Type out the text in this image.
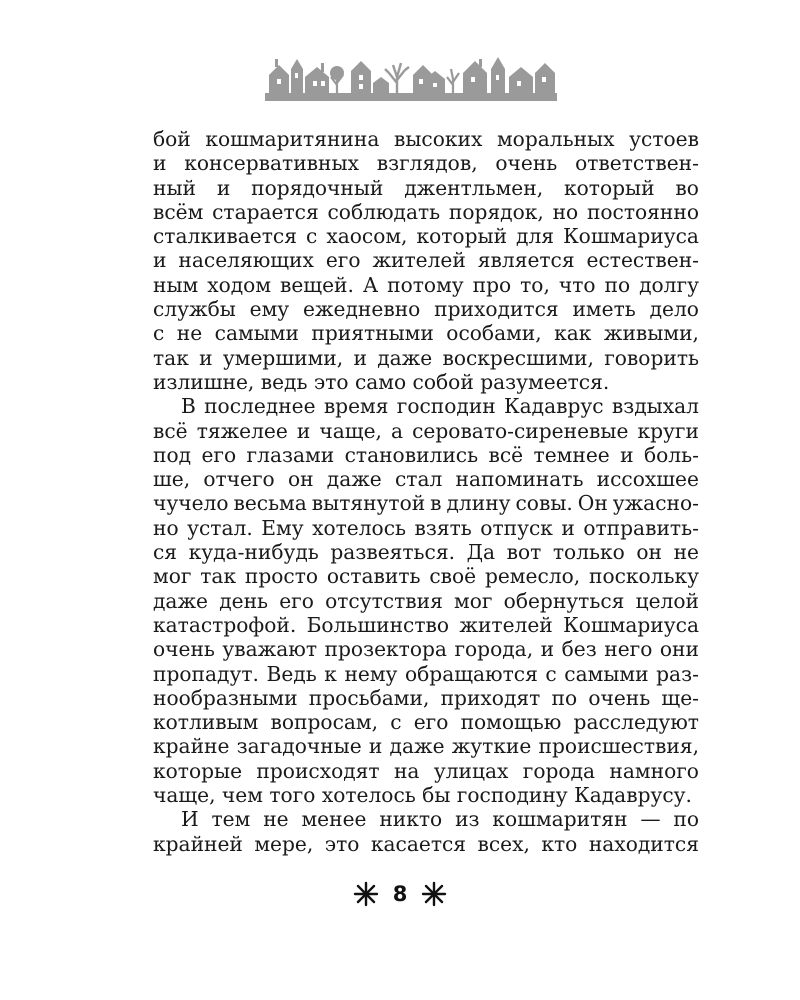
бой кошмаритянина высоких моральных устоев
и консервативных взглядов, очень ответствен-
ный и порядочный джентльмен, который во
всём старается соблюдать порядок, но постоянно
сталкивается с хаосом, который для Кошмариуса
и населяющих его жителей является естествен-
ным ходом вещей. А потому про то, что по долгу
службы ему ежедневно приходится иметь дело
с не самыми приятными особами, как живыми,
так и умершими, и даже воскресшими, говорить
излишне, ведь это само собой разумеется.
В последнее время господин Кадаврус вздыхал
всё тяжелее и чаще, а серовато-сиреневые круги
под его глазами становились всё темнее и боль-
ше, отчего он даже стал напоминать иссохшее
чучело весьма вытянутой в длину совы. Он ужасно-
но устал. Ему хотелось взять отпуск и отправить-
ся куда-нибудь развеяться. Да вот только он не
мог так просто оставить своё ремесло, поскольку
даже день его отсутствия мог обернуться целой
катастрофой. Большинство жителей Кошмариуса
очень уважают прозектора города, и без него они
пропадут. Ведь к нему обращаются с самыми раз-
нообразными просьбами, приходят по очень ще-
котливым вопросам, с его помощью расследуют
крайне загадочные и даже жуткие происшествия,
которые происходят на улицах города намного
чаще, чем того хотелось бы господину Кадаврусу.
И тем не менее никто из кошмаритян — по
крайней мере, это касается всех, кто находится
8
